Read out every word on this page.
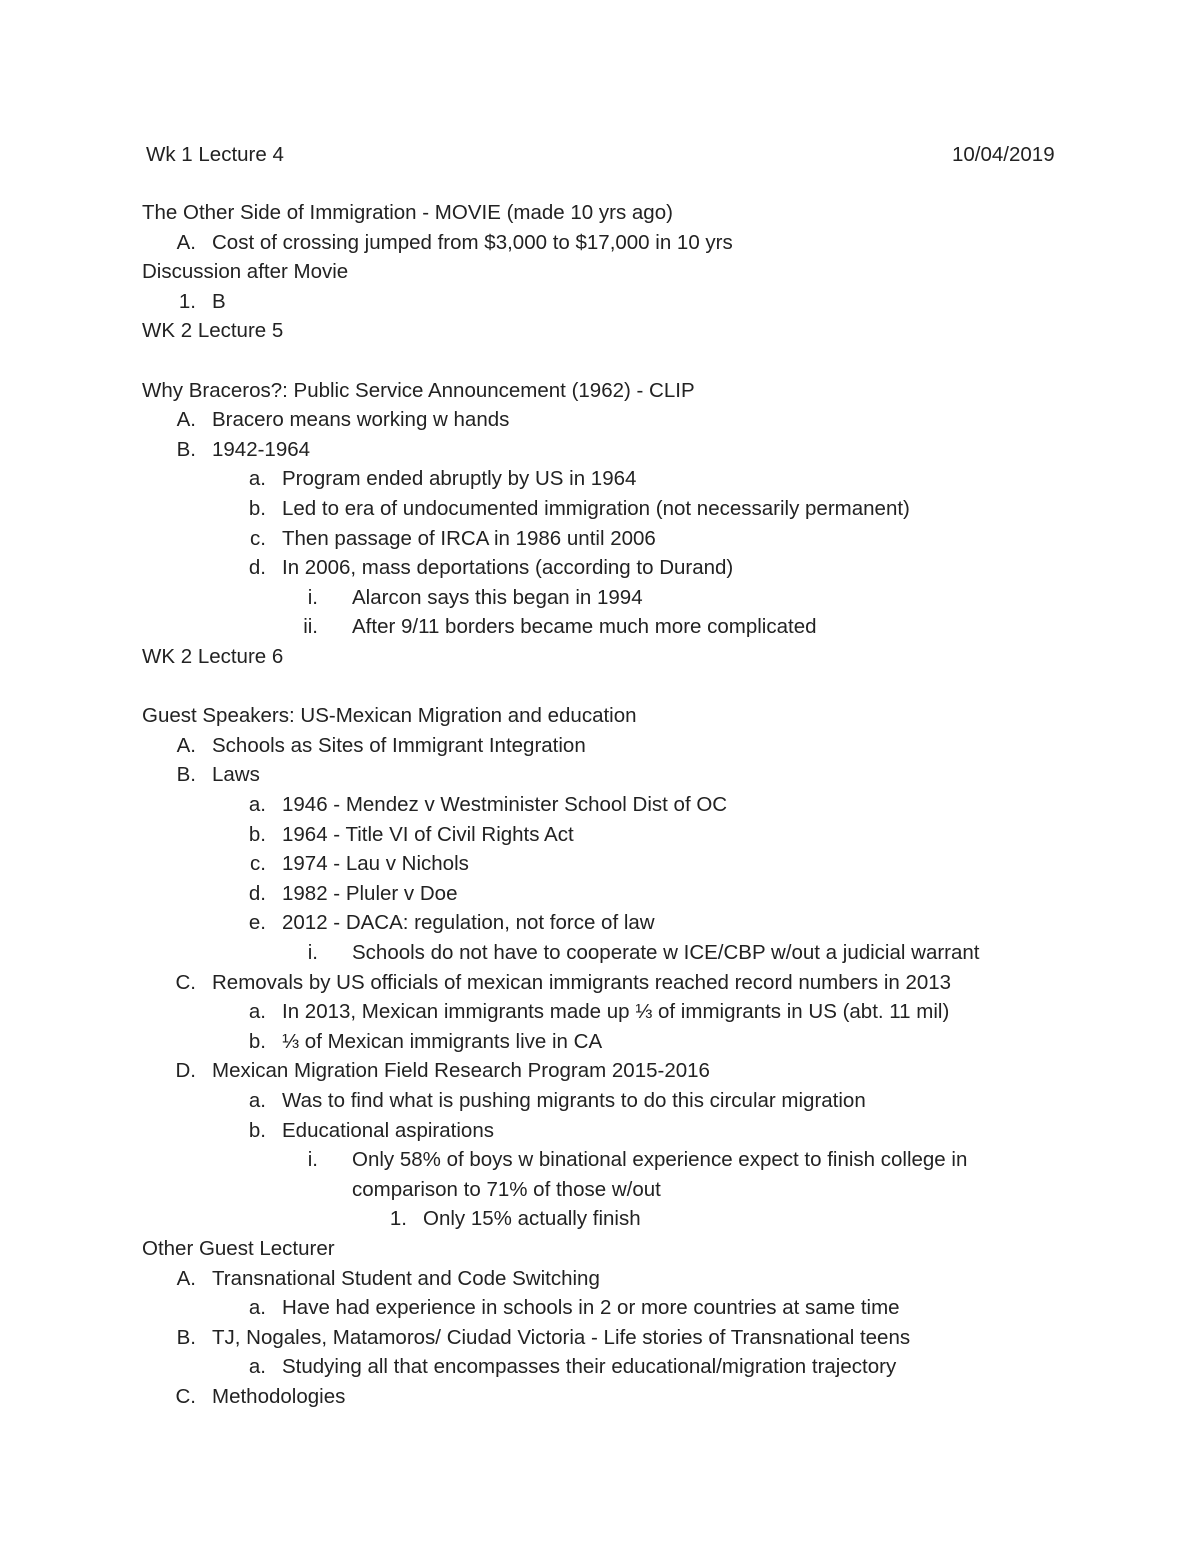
Wk 1 Lecture 4	10/04/2019
The Other Side of Immigration - MOVIE (made 10 yrs ago)
A. Cost of crossing jumped from $3,000 to $17,000 in 10 yrs
Discussion after Movie
1. B
WK 2 Lecture 5
Why Braceros?: Public Service Announcement (1962) - CLIP
A. Bracero means working w hands
B. 1942-1964
a. Program ended abruptly by US in 1964
b. Led to era of undocumented immigration (not necessarily permanent)
c. Then passage of IRCA in 1986 until 2006
d. In 2006, mass deportations (according to Durand)
i. Alarcon says this began in 1994
ii. After 9/11 borders became much more complicated
WK 2 Lecture 6
Guest Speakers: US-Mexican Migration and education
A. Schools as Sites of Immigrant Integration
B. Laws
a. 1946 - Mendez v Westminister School Dist of OC
b. 1964 - Title VI of Civil Rights Act
c. 1974 - Lau v Nichols
d. 1982 - Pluler v Doe
e. 2012 - DACA: regulation, not force of law
i. Schools do not have to cooperate w ICE/CBP w/out a judicial warrant
C. Removals by US officials of mexican immigrants reached record numbers in 2013
a. In 2013, Mexican immigrants made up ⅓ of immigrants in US (abt. 11 mil)
b. ⅓ of Mexican immigrants live in CA
D. Mexican Migration Field Research Program 2015-2016
a. Was to find what is pushing migrants to do this circular migration
b. Educational aspirations
i. Only 58% of boys w binational experience expect to finish college in
comparison to 71% of those w/out
1. Only 15% actually finish
Other Guest Lecturer
A. Transnational Student and Code Switching
a. Have had experience in schools in 2 or more countries at same time
B. TJ, Nogales, Matamoros/ Ciudad Victoria - Life stories of Transnational teens
a. Studying all that encompasses their educational/migration trajectory
C. Methodologies
